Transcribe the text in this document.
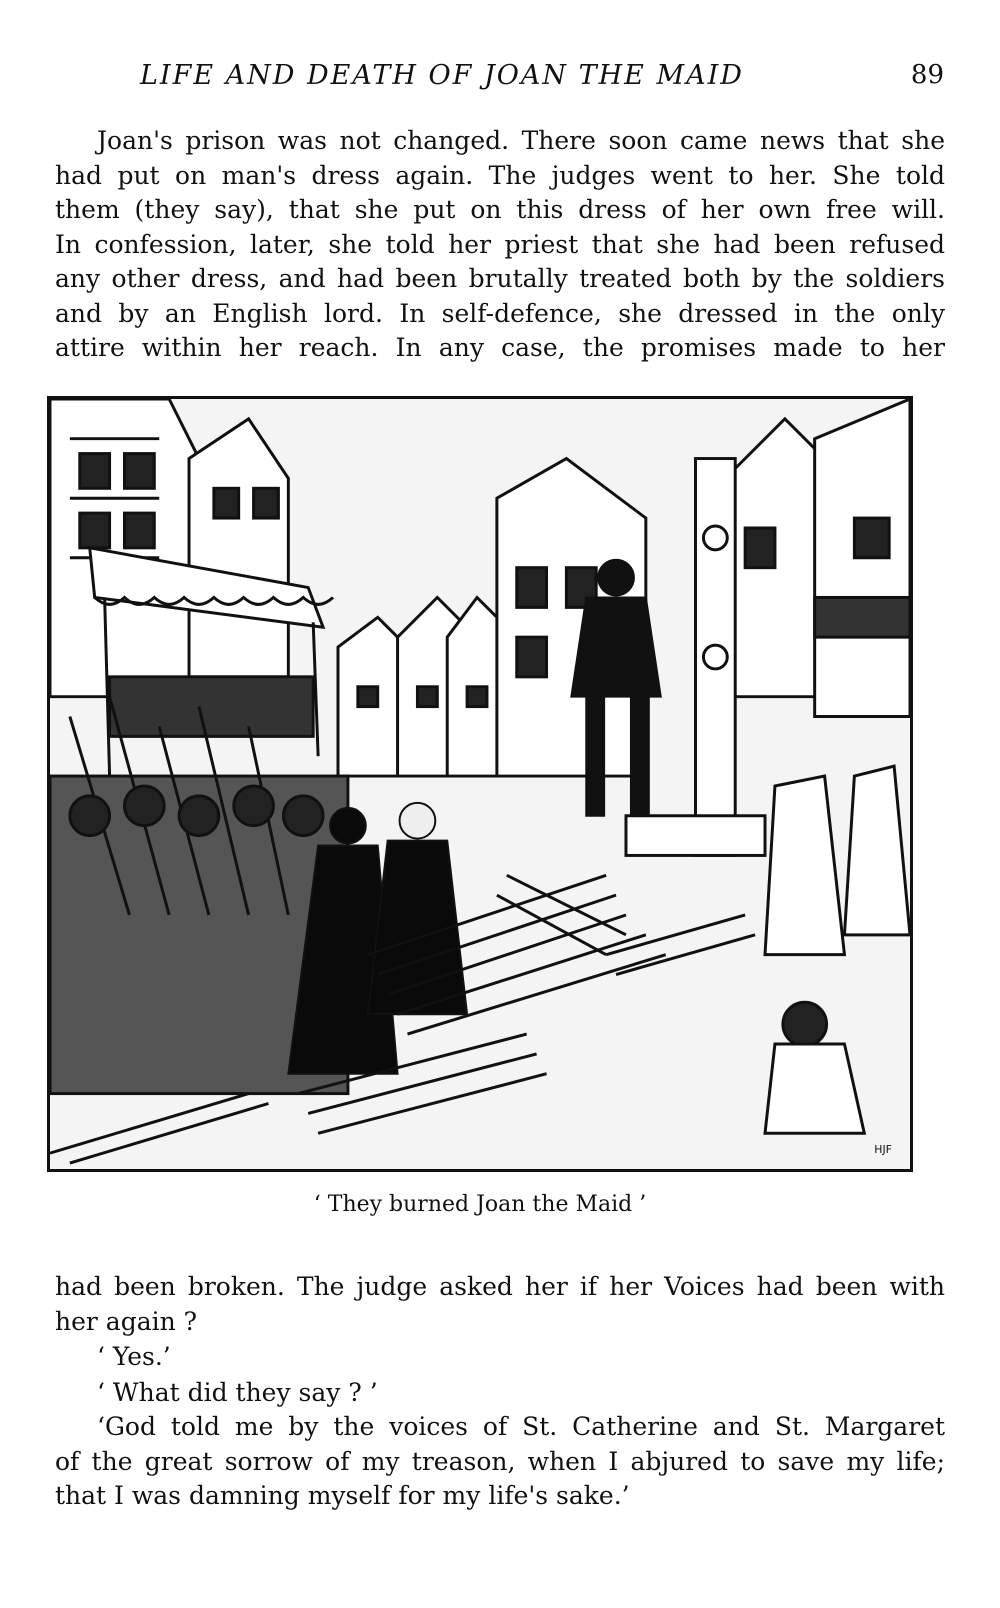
LIFE AND DEATH OF JOAN THE MAID	89
Joan's prison was not changed. There soon came news that she
had put on man's dress again. The judges went to her. She told
them (they say), that she put on this dress of her own free will.
In confession, later, she told her priest that she had been refused
any other dress, and had been brutally treated both by the soldiers
and by an English lord. In self-defence, she dressed in the only
attire within her reach. In any case, the promises made to her
HJF
‘ They burned Joan the Maid ’
had been broken. The judge asked her if her Voices had been with
her again ?
‘ Yes.’
‘ What did they say ? ’
‘God told me by the voices of St. Catherine and St. Margaret
of the great sorrow of my treason, when I abjured to save my life;
that I was damning myself for my life's sake.’
